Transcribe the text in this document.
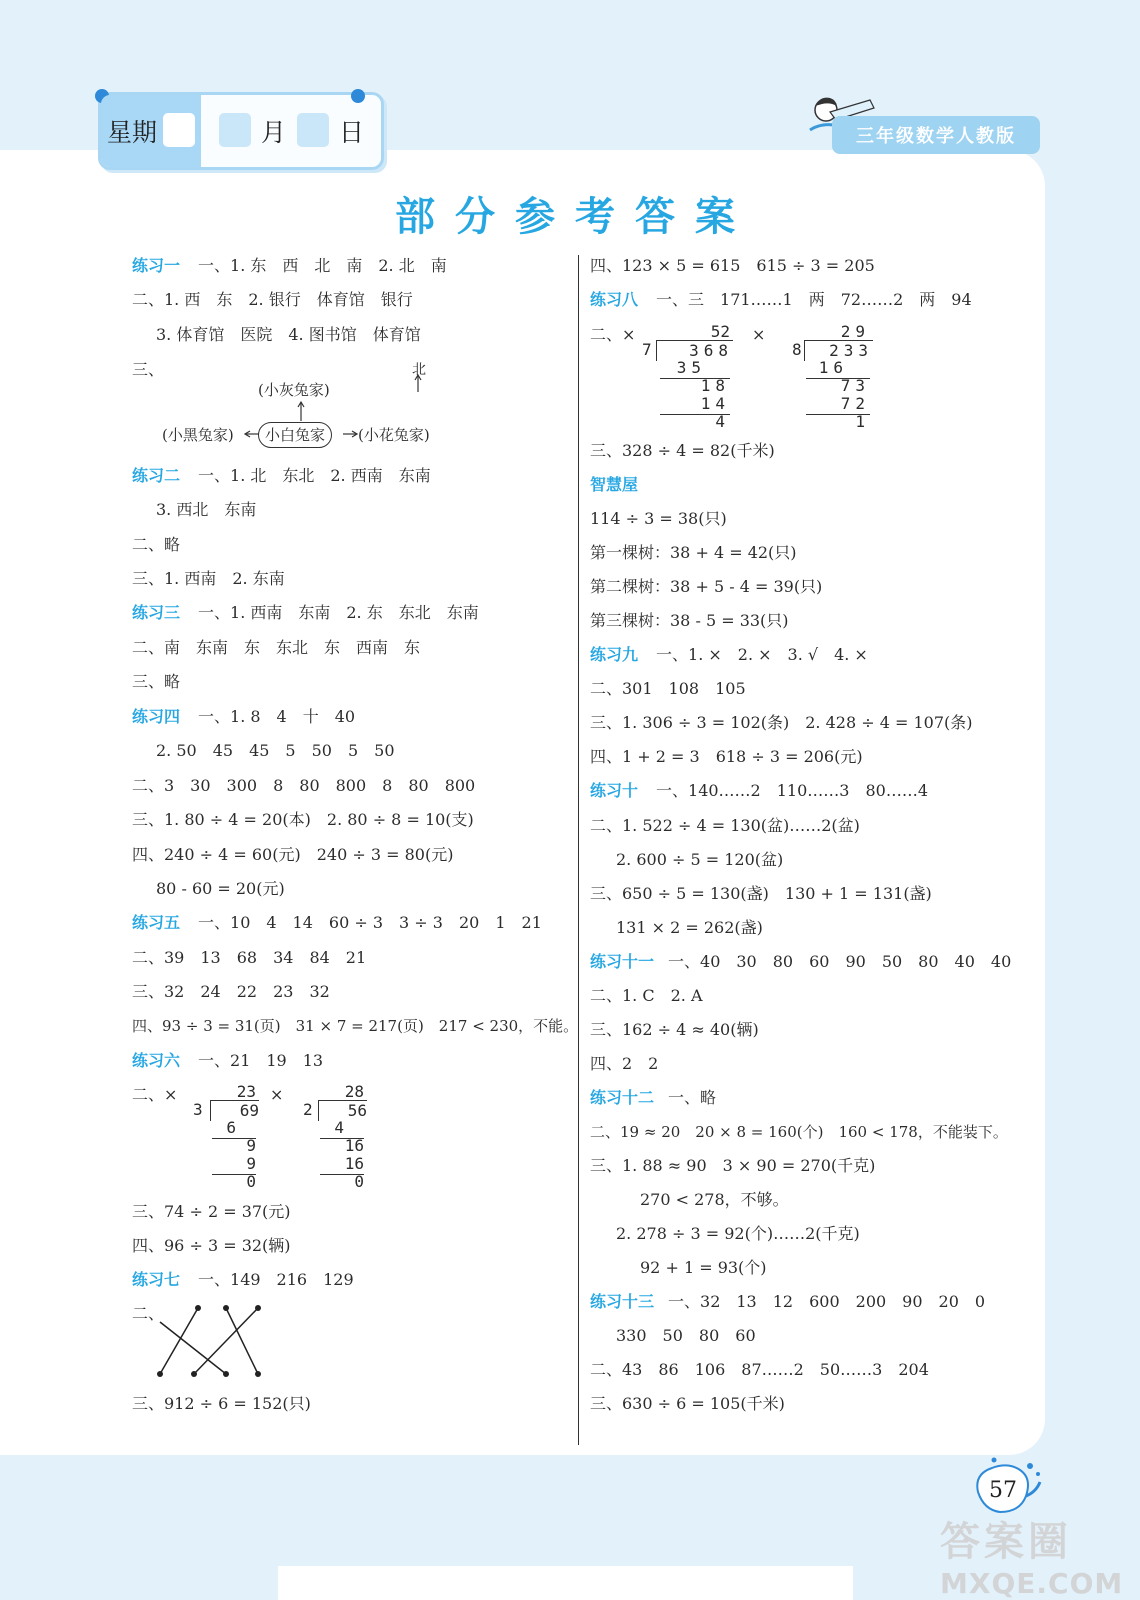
星期	月 日	三年级数学人教版
部分参考答案
练习一 一、1. 东　西　北　南　2. 北　南
二、1. 西　东　2. 银行　体育馆　银行
3. 体育馆　医院　4. 图书馆　体育馆
三、	北
(小灰兔家)
(小黑兔家)	小白兔家	(小花兔家)
练习二 一、1. 北　东北　2. 西南　东南
3. 西北　东南
二、略
三、1. 西南　2. 东南
练习三 一、1. 西南　东南　2. 东　东北　东南
二、南　东南　东　东北　东　西南　东
三、略
练习四 一、1. 8　4　十　40
2. 50　45　45　5　50　5　50
二、3　30　300　8　80　800　8　80　800
三、1. 80 ÷ 4 = 20(本)　2. 80 ÷ 8 = 10(支)
四、240 ÷ 4 = 60(元)　240 ÷ 3 = 80(元)
80 - 60 = 20(元)
练习五 一、10　4　14　60 ÷ 3　3 ÷ 3　20　1　21
二、39　13　68　34　84　21
三、32　24　22　23　32
四、93 ÷ 3 = 31(页)　31 × 7 = 217(页)　217 < 230，不能。
练习六 一、21　19　13
二、×	23
3	69
6
9
9
0
×	28
2	56
4
16
16
0
三、74 ÷ 2 = 37(元)
四、96 ÷ 3 = 32(辆)
练习七 一、149　216　129
二、
三、912 ÷ 6 = 152(只)
四、123 × 5 = 615　615 ÷ 3 = 205
练习八 一、三　171……1　两　72……2　两　94
二、×	52
7	368
35
18
14
4
×	29
8	233
16
73
72
1
三、328 ÷ 4 = 82(千米)
智慧屋
114 ÷ 3 = 38(只)
第一棵树：38 + 4 = 42(只)
第二棵树：38 + 5 - 4 = 39(只)
第三棵树：38 - 5 = 33(只)
练习九 一、1. ×　2. ×　3. √　4. ×
二、301　108　105
三、1. 306 ÷ 3 = 102(条)　2. 428 ÷ 4 = 107(条)
四、1 + 2 = 3　618 ÷ 3 = 206(元)
练习十 一、140……2　110……3　80……4
二、1. 522 ÷ 4 = 130(盆)……2(盆)
2. 600 ÷ 5 = 120(盆)
三、650 ÷ 5 = 130(盏)　130 + 1 = 131(盏)
131 × 2 = 262(盏)
练习十一 一、40　30　80　60　90　50　80　40　40
二、1. C　2. A
三、162 ÷ 4 ≈ 40(辆)
四、2　2
练习十二 一、略
二、19 ≈ 20　20 × 8 = 160(个)　160 < 178，不能装下。
三、1. 88 ≈ 90　3 × 90 = 270(千克)
270 < 278，不够。
2. 278 ÷ 3 = 92(个)……2(千克)
92 + 1 = 93(个)
练习十三 一、32　13　12　600　200　90　20　0
330　50　80　60
二、43　86　106　87……2　50……3　204
三、630 ÷ 6 = 105(千米)
57
答案圈
MXQE.COM
